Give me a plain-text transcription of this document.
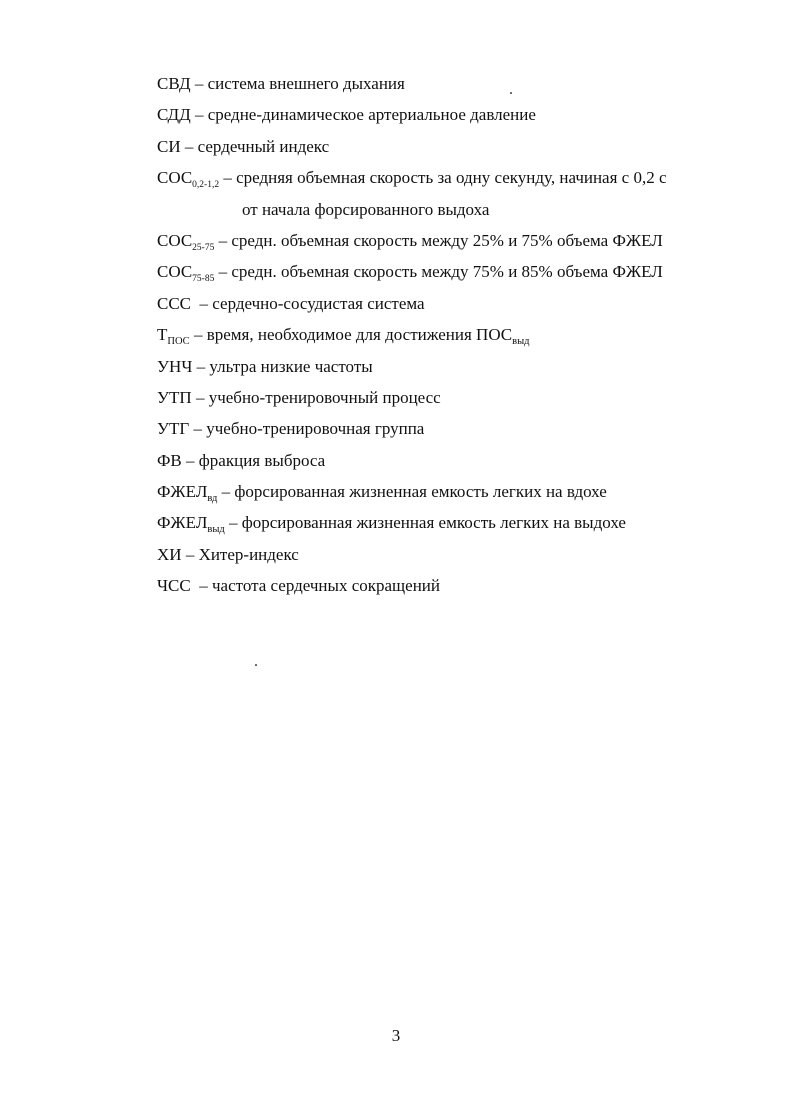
СВД – система внешнего дыхания
СДД – средне-динамическое артериальное давление
СИ – сердечный индекс
$СОС_{0,2-1,2}$ – средняя объемная скорость за одну секунду, начиная с 0,2 с
от начала форсированного выдоха
$СОС_{25-75}$ – средн. объемная скорость между 25% и 75% объема ФЖЕЛ
$СОС_{75-85}$ – средн. объемная скорость между 75% и 85% объема ФЖЕЛ
ССС  – сердечно-сосудистая система
$Т_{ПОС}$ – время, необходимое для достижения $ПОС_{выд}$
УНЧ – ультра низкие частоты
УТП – учебно-тренировочный процесс
УТГ – учебно-тренировочная группа
ФВ – фракция выброса
$ФЖЕЛ_{вд}$ – форсированная жизненная емкость легких на вдохе
$ФЖЕЛ_{выд}$ – форсированная жизненная емкость легких на выдохе
ХИ – Хитер-индекс
ЧСС  – частота сердечных сокращений
3
